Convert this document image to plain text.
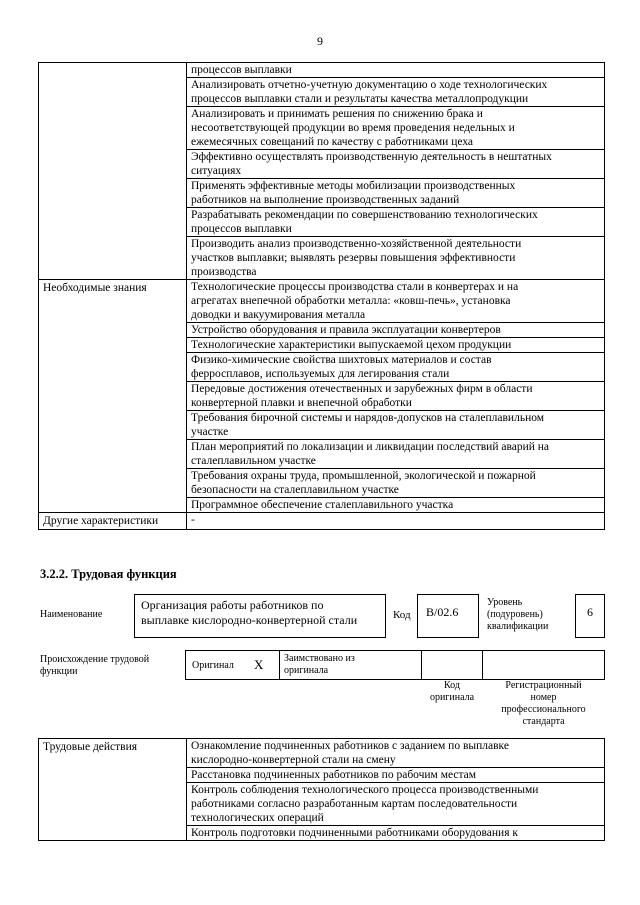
9

	процессов выплавки

	Анализировать отчетно-учетную документацию о ходе технологических
процессов выплавки стали и результаты качества металлопродукции

	Анализировать и принимать решения по снижению брака и
несоответствующей продукции во время проведения недельных и
ежемесячных совещаний по качеству с работниками цеха

	Эффективно осуществлять производственную деятельность в нештатных
ситуациях

	Применять эффективные методы мобилизации производственных
работников на выполнение производственных заданий

	Разрабатывать рекомендации по совершенствованию технологических
процессов выплавки

	Производить анализ производственно-хозяйственной деятельности
участков выплавки; выявлять резервы повышения эффективности
производства

Необходимые знания	Технологические процессы производства стали в конвертерах и на
агрегатах внепечной обработки металла: «ковш-печь», установка
доводки и вакуумирования металла

	Устройство оборудования и правила эксплуатации конвертеров

	Технологические характеристики выпускаемой цехом продукции

	Физико-химические свойства шихтовых материалов и состав
ферросплавов, используемых для легирования стали

	Передовые достижения отечественных и зарубежных фирм в области
конвертерной плавки и внепечной обработки

	Требования бирочной системы и нарядов-допусков на сталеплавильном
участке

	План мероприятий по локализации и ликвидации последствий аварий на
сталеплавильном участке

	Требования охраны труда, промышленной, экологической и пожарной
безопасности на сталеплавильном участке

	Программное обеспечение сталеплавильного участка

Другие характеристики	-
3.2.2. Трудовая функция
Наименование
Организация работы работников по
выплавке кислородно-конвертерной стали	Код	В/02.6
Уровень
(подуровень)
квалификации
6
Происхождение трудовой
функции
Оригинал X Заимствовано из
оригинала
Код
оригинала
Регистрационный
номер
профессионального
стандарта
Трудовые действия	Ознакомление подчиненных работников с заданием по выплавке
кислородно-конвертерной стали на смену

Расстановка подчиненных работников по рабочим местам

Контроль соблюдения технологического процесса производственными
работниками согласно разработанным картам последовательности
технологических операций

Контроль подготовки подчиненными работниками оборудования к
